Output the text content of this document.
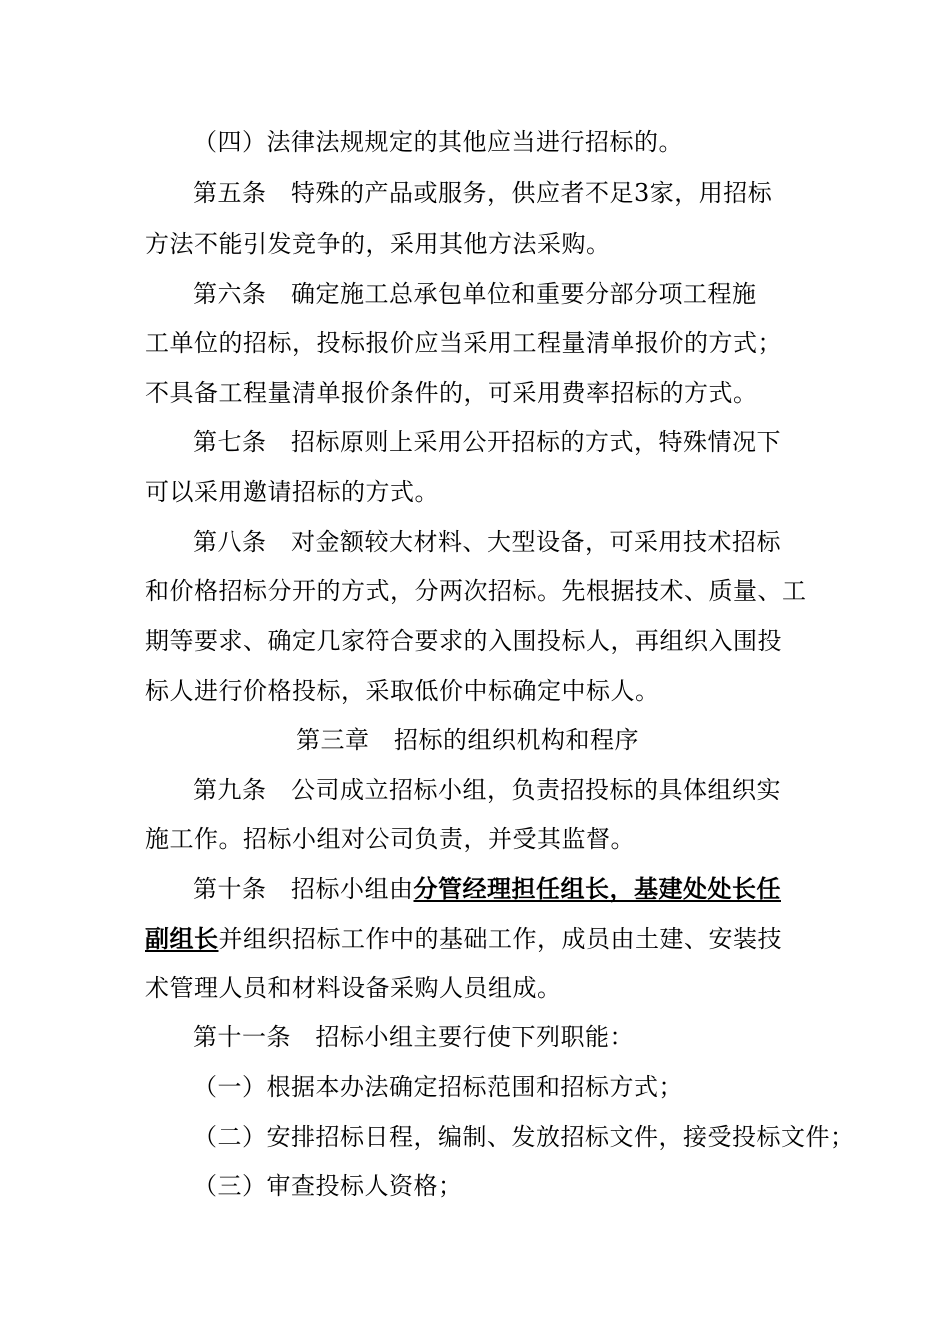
（四）法律法规规定的其他应当进行招标的。
第五条　特殊的产品或服务，供应者不足3家，用招标
方法不能引发竞争的，采用其他方法采购。
第六条　确定施工总承包单位和重要分部分项工程施
工单位的招标，投标报价应当采用工程量清单报价的方式；
不具备工程量清单报价条件的，可采用费率招标的方式。
第七条　招标原则上采用公开招标的方式，特殊情况下
可以采用邀请招标的方式。
第八条　对金额较大材料、大型设备，可采用技术招标
和价格招标分开的方式，分两次招标。先根据技术、质量、工
期等要求、确定几家符合要求的入围投标人，再组织入围投
标人进行价格投标，采取低价中标确定中标人。
第三章　招标的组织机构和程序
第九条　公司成立招标小组，负责招投标的具体组织实
施工作。招标小组对公司负责，并受其监督。
第十条　招标小组由分管经理担任组长，基建处处长任
副组长并组织招标工作中的基础工作，成员由土建、安装技
术管理人员和材料设备采购人员组成。
第十一条　招标小组主要行使下列职能：
（一）根据本办法确定招标范围和招标方式；
（二）安排招标日程，编制、发放招标文件，接受投标文件；
（三）审查投标人资格；
